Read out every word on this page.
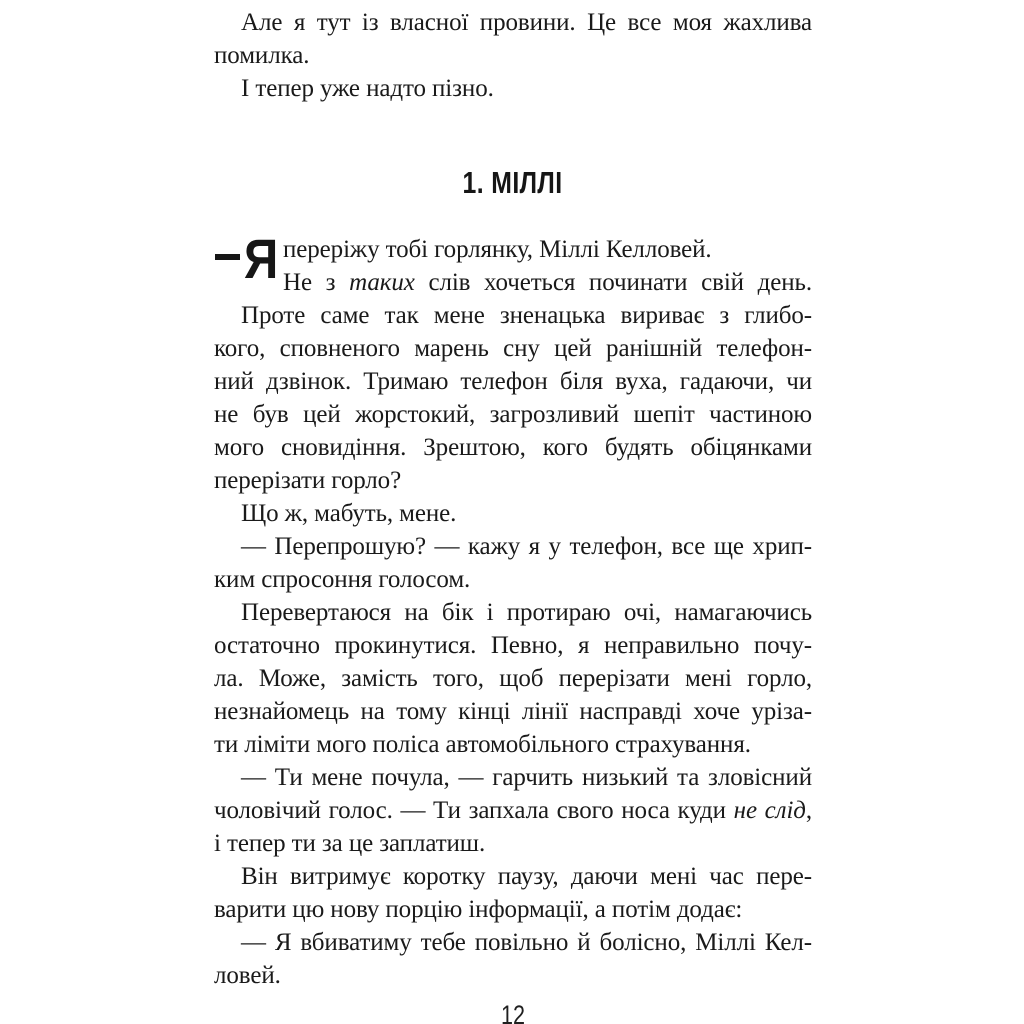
Але я тут із власної провини. Це все моя жахлива
помилка.
І тепер уже надто пізно.
1. МІЛЛІ
Я переріжу тобі горлянку, Міллі Келловей.
Не з таких слів хочеться починати свій день.
Проте саме так мене зненацька вириває з глибо-
кого, сповненого марень сну цей ранішній телефон-
ний дзвінок. Тримаю телефон біля вуха, гадаючи, чи
не був цей жорстокий, загрозливий шепіт частиною
мого сновидіння. Зрештою, кого будять обіцянками
перерізати горло?
Що ж, мабуть, мене.
— Перепрошую? — кажу я у телефон, все ще хрип-
ким спросоння голосом.
Перевертаюся на бік і протираю очі, намагаючись
остаточно прокинутися. Певно, я неправильно почу-
ла. Може, замість того, щоб перерізати мені горло,
незнайомець на тому кінці лінії насправді хоче уріза-
ти ліміти мого поліса автомобільного страхування.
— Ти мене почула, — гарчить низький та зловісний
чоловічий голос. — Ти запхала свого носа куди не слід,
і тепер ти за це заплатиш.
Він витримує коротку паузу, даючи мені час пере-
варити цю нову порцію інформації, а потім додає:
— Я вбиватиму тебе повільно й болісно, Міллі Кел-
ловей.
12
